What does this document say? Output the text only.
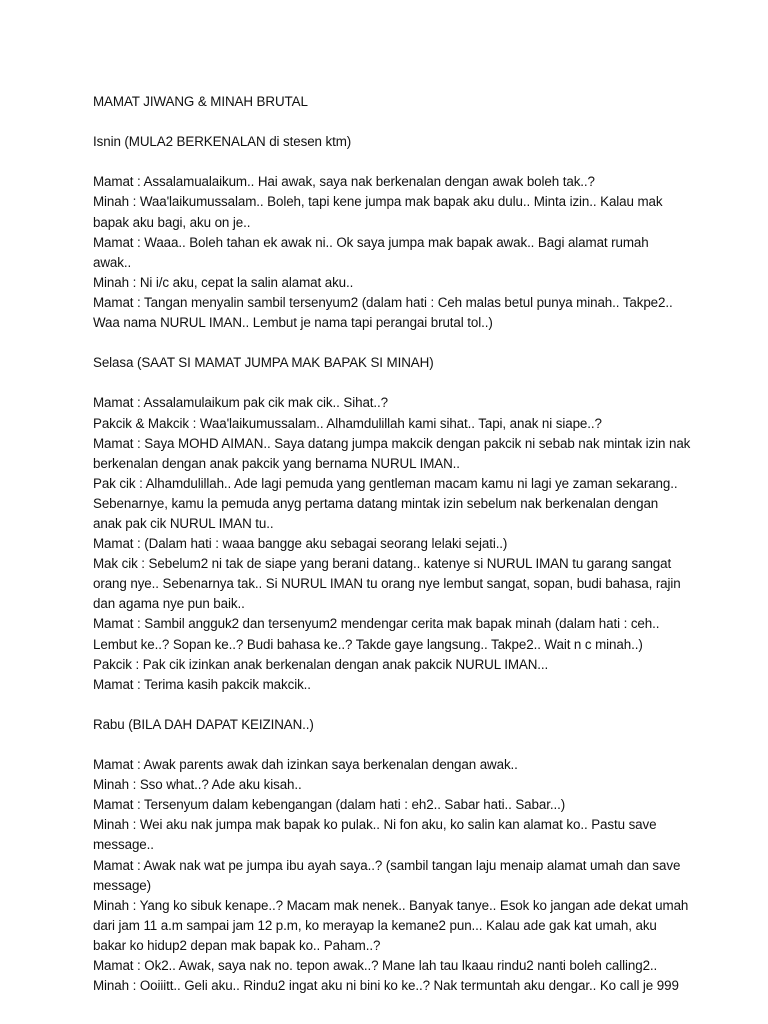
MAMAT JIWANG & MINAH BRUTAL
Isnin (MULA2 BERKENALAN di stesen ktm)
Mamat : Assalamualaikum.. Hai awak, saya nak berkenalan dengan awak boleh tak..?
Minah : Waa'laikumussalam.. Boleh, tapi kene jumpa mak bapak aku dulu.. Minta izin.. Kalau mak
bapak aku bagi, aku on je..
Mamat : Waaa.. Boleh tahan ek awak ni.. Ok saya jumpa mak bapak awak.. Bagi alamat rumah
awak..
Minah : Ni i/c aku, cepat la salin alamat aku..
Mamat : Tangan menyalin sambil tersenyum2 (dalam hati : Ceh malas betul punya minah.. Takpe2..
Waa nama NURUL IMAN.. Lembut je nama tapi perangai brutal tol..)
Selasa (SAAT SI MAMAT JUMPA MAK BAPAK SI MINAH)
Mamat : Assalamulaikum pak cik mak cik.. Sihat..?
Pakcik & Makcik : Waa'laikumussalam.. Alhamdulillah kami sihat.. Tapi, anak ni siape..?
Mamat : Saya MOHD AIMAN.. Saya datang jumpa makcik dengan pakcik ni sebab nak mintak izin nak
berkenalan dengan anak pakcik yang bernama NURUL IMAN..
Pak cik : Alhamdulillah.. Ade lagi pemuda yang gentleman macam kamu ni lagi ye zaman sekarang..
Sebenarnye, kamu la pemuda anyg pertama datang mintak izin sebelum nak berkenalan dengan
anak pak cik NURUL IMAN tu..
Mamat : (Dalam hati : waaa bangge aku sebagai seorang lelaki sejati..)
Mak cik : Sebelum2 ni tak de siape yang berani datang.. katenye si NURUL IMAN tu garang sangat
orang nye.. Sebenarnya tak.. Si NURUL IMAN tu orang nye lembut sangat, sopan, budi bahasa, rajin
dan agama nye pun baik..
Mamat : Sambil angguk2 dan tersenyum2 mendengar cerita mak bapak minah (dalam hati : ceh..
Lembut ke..? Sopan ke..? Budi bahasa ke..? Takde gaye langsung.. Takpe2.. Wait n c minah..)
Pakcik : Pak cik izinkan anak berkenalan dengan anak pakcik NURUL IMAN...
Mamat : Terima kasih pakcik makcik..
Rabu (BILA DAH DAPAT KEIZINAN..)
Mamat : Awak parents awak dah izinkan saya berkenalan dengan awak..
Minah : Sso what..? Ade aku kisah..
Mamat : Tersenyum dalam kebengangan (dalam hati : eh2.. Sabar hati.. Sabar...)
Minah : Wei aku nak jumpa mak bapak ko pulak.. Ni fon aku, ko salin kan alamat ko.. Pastu save
message..
Mamat : Awak nak wat pe jumpa ibu ayah saya..? (sambil tangan laju menaip alamat umah dan save
message)
Minah : Yang ko sibuk kenape..? Macam mak nenek.. Banyak tanye.. Esok ko jangan ade dekat umah
dari jam 11 a.m sampai jam 12 p.m, ko merayap la kemane2 pun... Kalau ade gak kat umah, aku
bakar ko hidup2 depan mak bapak ko.. Paham..?
Mamat : Ok2.. Awak, saya nak no. tepon awak..? Mane lah tau lkaau rindu2 nanti boleh calling2..
Minah : Ooiiitt.. Geli aku.. Rindu2 ingat aku ni bini ko ke..? Nak termuntah aku dengar.. Ko call je 999
